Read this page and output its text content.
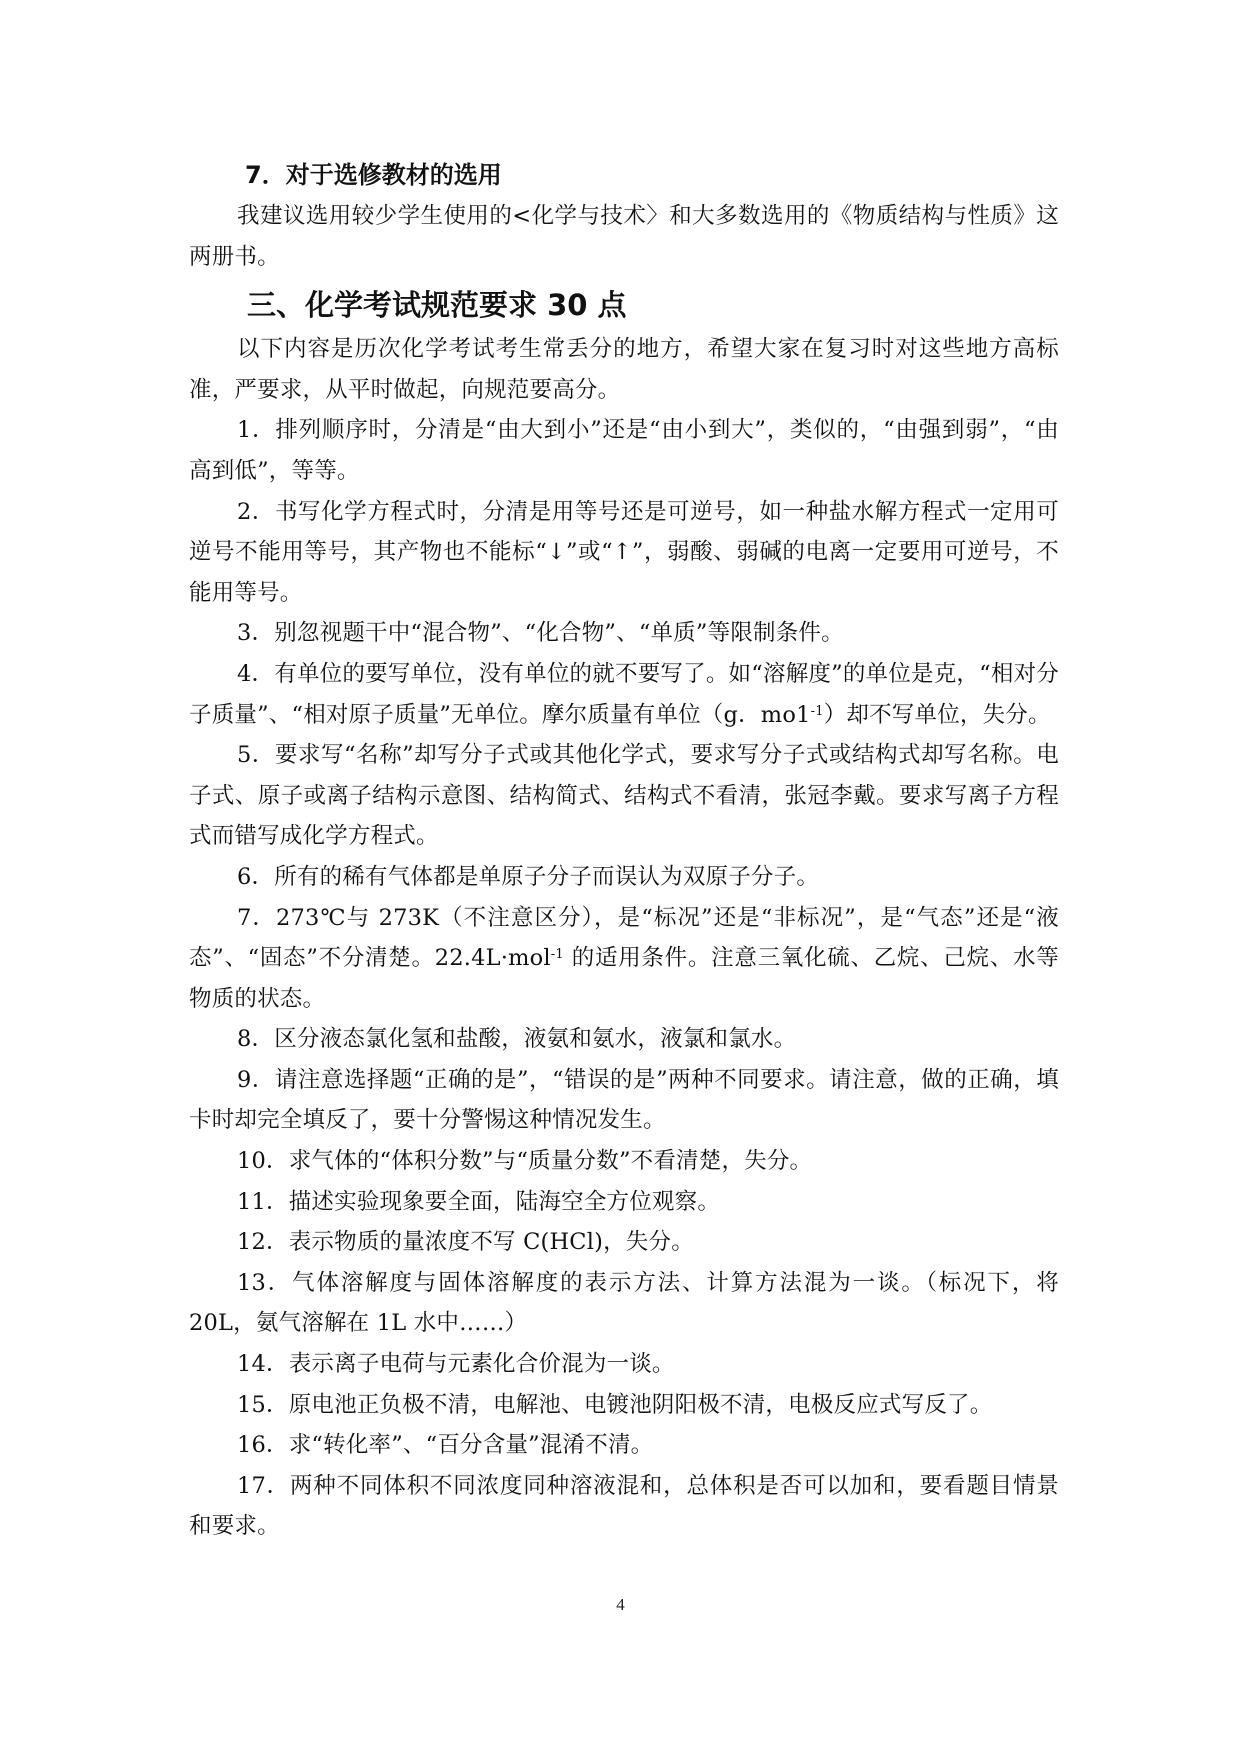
7．对于选修教材的选用

我建议选用较少学生使用的<化学与技术〉和大多数选用的《物质结构与性质》这两册书。

三、化学考试规范要求 30 点

以下内容是历次化学考试考生常丢分的地方，希望大家在复习时对这些地方高标准，严要求，从平时做起，向规范要高分。

1．排列顺序时，分清是“由大到小”还是“由小到大”，类似的，“由强到弱”，“由高到低”，等等。

2．书写化学方程式时，分清是用等号还是可逆号，如一种盐水解方程式一定用可逆号不能用等号，其产物也不能标“↓”或“↑”，弱酸、弱碱的电离一定要用可逆号，不能用等号。

3．别忽视题干中“混合物”、“化合物”、“单质”等限制条件。

4．有单位的要写单位，没有单位的就不要写了。如“溶解度”的单位是克，“相对分子质量”、“相对原子质量”无单位。摩尔质量有单位（g．$mo1^{-1}$）却不写单位，失分。

5．要求写“名称”却写分子式或其他化学式，要求写分子式或结构式却写名称。电子式、原子或离子结构示意图、结构简式、结构式不看清，张冠李戴。要求写离子方程式而错写成化学方程式。

6．所有的稀有气体都是单原子分子而误认为双原子分子。

7．273℃与 273K（不注意区分），是“标况”还是“非标况”，是“气态”还是“液态”、“固态”不分清楚。22.4L·mol$^{-1}$ 的适用条件。注意三氧化硫、乙烷、己烷、水等物质的状态。

8．区分液态氯化氢和盐酸，液氨和氨水，液氯和氯水。

9．请注意选择题“正确的是”，“错误的是”两种不同要求。请注意，做的正确，填卡时却完全填反了，要十分警惕这种情况发生。

10．求气体的“体积分数”与“质量分数”不看清楚，失分。

11．描述实验现象要全面，陆海空全方位观察。

12．表示物质的量浓度不写 C(HCl)，失分。

13．气体溶解度与固体溶解度的表示方法、计算方法混为一谈。（标况下，将 20L，氨气溶解在 1L 水中……）

14．表示离子电荷与元素化合价混为一谈。

15．原电池正负极不清，电解池、电镀池阴阳极不清，电极反应式写反了。

16．求“转化率”、“百分含量”混淆不清。

17．两种不同体积不同浓度同种溶液混和，总体积是否可以加和，要看题目情景和要求。

4
